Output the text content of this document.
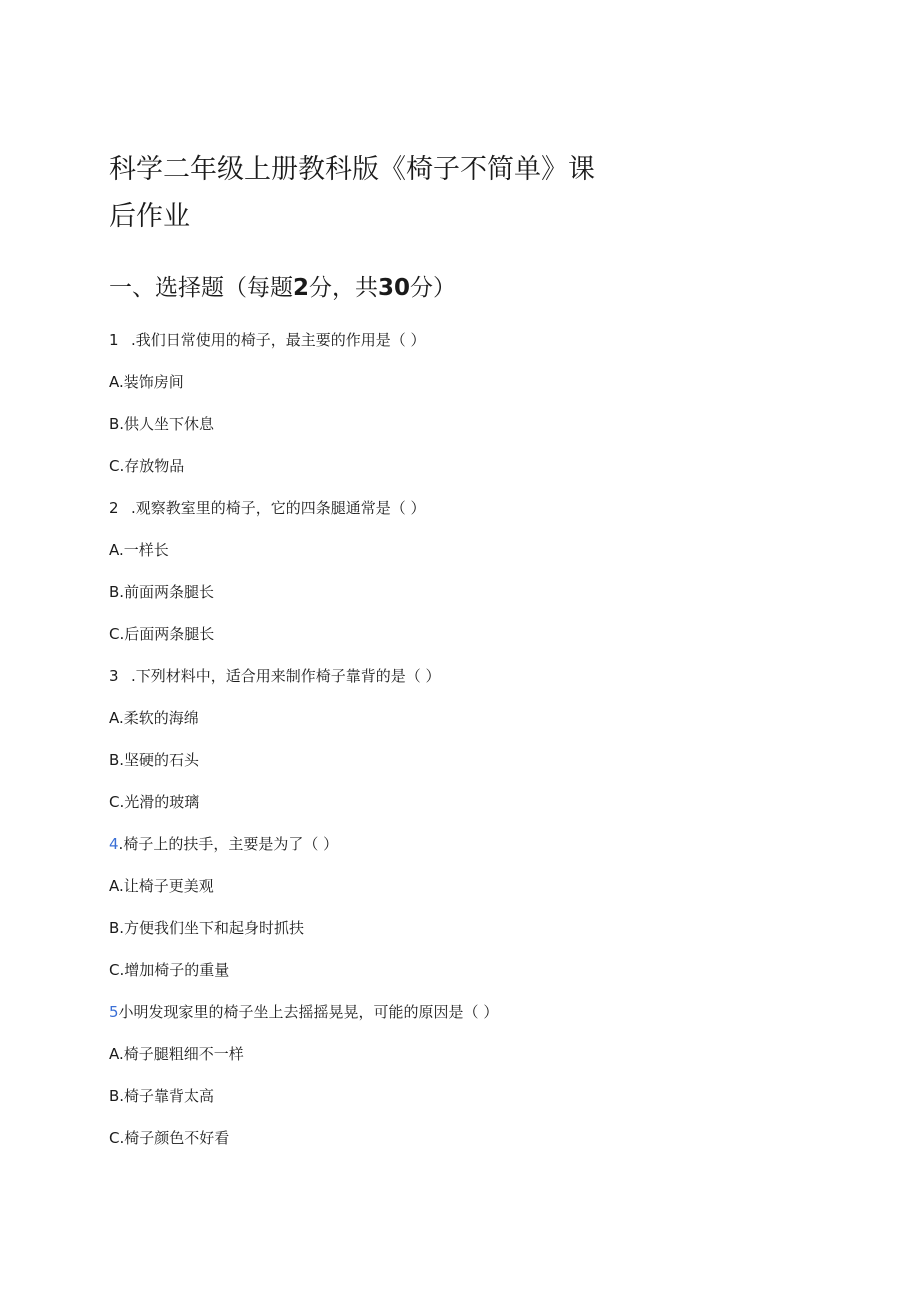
科学二年级上册教科版《椅子不简单》课
后作业
一、选择题（每题2分，共30分）
1 .我们日常使用的椅子，最主要的作用是（ ）
A.装饰房间
B.供人坐下休息
C.存放物品
2 .观察教室里的椅子，它的四条腿通常是（ ）
A.一样长
B.前面两条腿长
C.后面两条腿长
3 .下列材料中，适合用来制作椅子靠背的是（ ）
A.柔软的海绵
B.坚硬的石头
C.光滑的玻璃
4.椅子上的扶手，主要是为了（ ）
A.让椅子更美观
B.方便我们坐下和起身时抓扶
C.增加椅子的重量
5小明发现家里的椅子坐上去摇摇晃晃，可能的原因是（ ）
A.椅子腿粗细不一样
B.椅子靠背太高
C.椅子颜色不好看
